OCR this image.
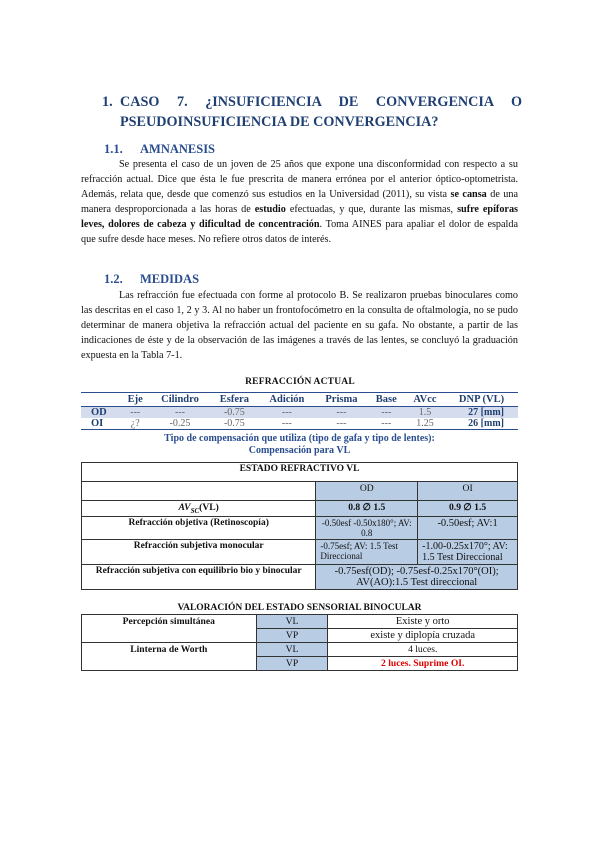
1. CASO 7. ¿INSUFICIENCIA DE CONVERGENCIA O
PSEUDOINSUFICIENCIA DE CONVERGENCIA?
1.1. AMNANESIS

Se presenta el caso de un joven de 25 años que expone una disconformidad con respecto a su refracción actual. Dice que ésta le fue prescrita de manera errónea por el anterior óptico-optometrista. Además, relata que, desde que comenzó sus estudios en la Universidad (2011), su vista se cansa de una manera desproporcionada a las horas de estudio efectuadas, y que, durante las mismas, sufre epíforas leves, dolores de cabeza y dificultad de concentración. Toma AINES para apaliar el dolor de espalda que sufre desde hace meses. No refiere otros datos de interés.

1.2. MEDIDAS

Las refracción fue efectuada con forme al protocolo B. Se realizaron pruebas binoculares como las descritas en el caso 1, 2 y 3. Al no haber un frontofocómetro en la consulta de oftalmología, no se pudo determinar de manera objetiva la refracción actual del paciente en su gafa. No obstante, a partir de las indicaciones de éste y de la observación de las imágenes a través de las lentes, se concluyó la graduación expuesta en la Tabla 7-1.

REFRACCIÓN ACTUAL
	Eje	Cilindro	Esfera	Adición	Prisma	Base	AVcc	DNP (VL)
OD	---	---	-0.75	---	---	---	1.5	27 [mm]
OI	¿?	-0.25	-0.75	---	---	---	1.25	26 [mm]
Tipo de compensación que utiliza (tipo de gafa y tipo de lentes):
Compensación para VL
ESTADO REFRACTIVO VL		
	OD	OI
$AV_{SC}(VL)$	0.8 ∅ 1.5	0.9 ∅ 1.5
Refracción objetiva (Retinoscopía)	-0.50esf -0.50x180°; AV: 0.8	-0.50esf; AV:1
Refracción subjetiva monocular	-0.75esf; AV: 1.5 Test Direccional	-1.00-0.25x170°; AV: 1.5 Test Direccional
Refracción subjetiva con equilibrio bio y binocular	-0.75esf(OD); -0.75esf-0.25x170°(OI); AV(AO):1.5 Test direccional	
VALORACIÓN DEL ESTADO SENSORIAL BINOCULAR		
Percepción simultánea	VL	Existe y orto
	VP	existe y diplopía cruzada
Linterna de Worth	VL	4 luces.
	VP	2 luces. Suprime OI.
